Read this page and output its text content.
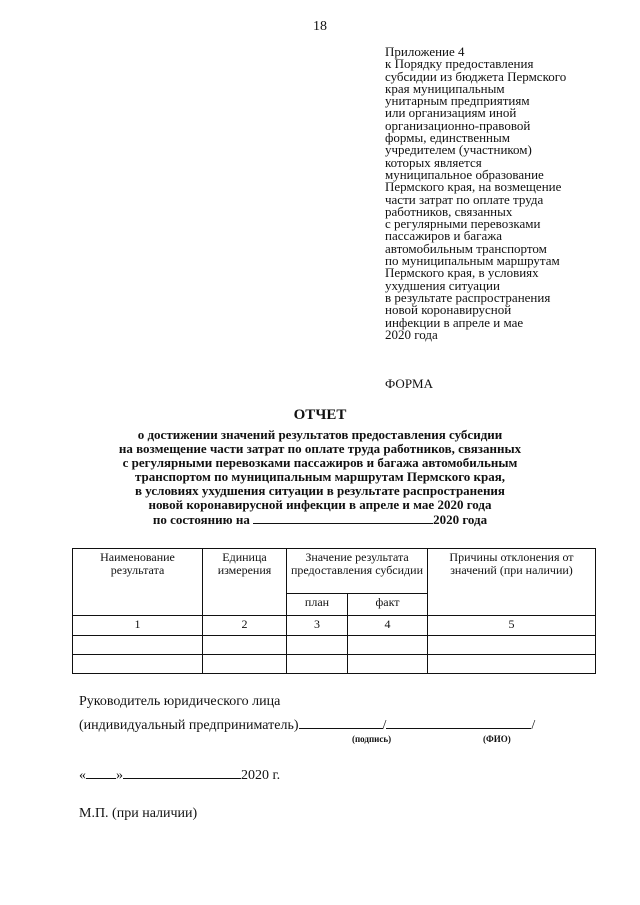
18
Приложение 4
к Порядку предоставления
субсидии из бюджета Пермского
края муниципальным
унитарным предприятиям
или организациям иной
организационно-правовой
формы, единственным
учредителем (участником)
которых является
муниципальное образование
Пермского края, на возмещение
части затрат по оплате труда
работников, связанных
с регулярными перевозками
пассажиров и багажа
автомобильным транспортом
по муниципальным маршрутам
Пермского края, в условиях
ухудшения ситуации
в результате распространения
новой коронавирусной
инфекции в апреле и мае
2020 года
ФОРМА
ОТЧЕТ
о достижении значений результатов предоставления субсидии
на возмещение части затрат по оплате труда работников, связанных
с регулярными перевозками пассажиров и багажа автомобильным
транспортом по муниципальным маршрутам Пермского края,
в условиях ухудшения ситуации в результате распространения
новой коронавирусной инфекции в апреле и мае 2020 года
по состоянию на	2020 года
Наименование результата	Единица измерения	Значение результата предоставления субсидии		Причины отклонения от значений (при наличии)
		план	факт	
1	2	3	4	5

Руководитель юридического лица
(индивидуальный предприниматель)	/	/
(подпись)	(ФИО)
« »	2020 г.
М.П. (при наличии)
